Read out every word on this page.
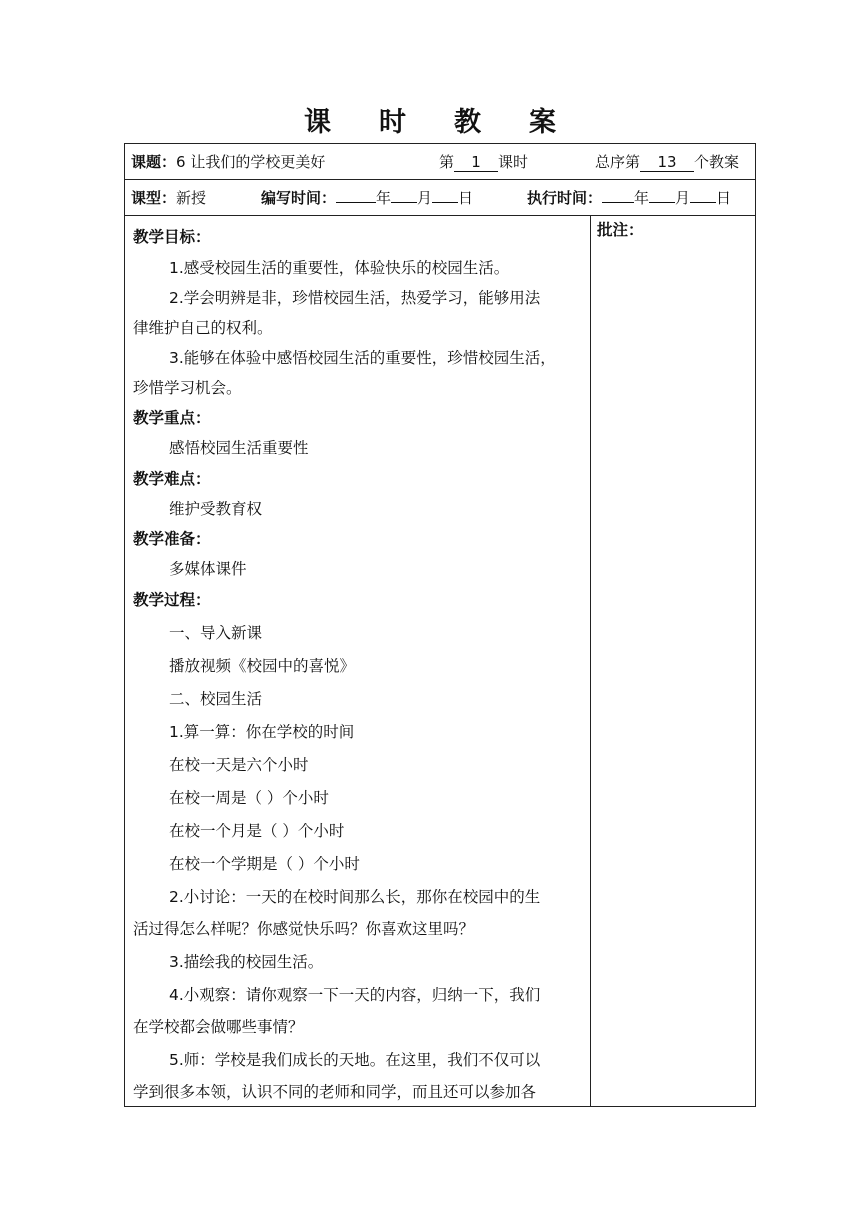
课 时 教 案
课题：6 让我们的学校更美好	第 1 课时	总序第 13 个教案
课型：新授	编写时间：	年 月 日	执行时间： 年 月 日
教学目标：
1.感受校园生活的重要性，体验快乐的校园生活。
2.学会明辨是非，珍惜校园生活，热爱学习，能够用法
律维护自己的权利。
3.能够在体验中感悟校园生活的重要性，珍惜校园生活，
珍惜学习机会。
教学重点：
感悟校园生活重要性
教学难点：
维护受教育权
教学准备：
多媒体课件
教学过程：
一、导入新课
播放视频《校园中的喜悦》
二、校园生活
1.算一算：你在学校的时间
在校一天是六个小时
在校一周是（ ）个小时
在校一个月是（ ）个小时
在校一个学期是（ ）个小时
2.小讨论：一天的在校时间那么长，那你在校园中的生
活过得怎么样呢？你感觉快乐吗？你喜欢这里吗？
3.描绘我的校园生活。
4.小观察：请你观察一下一天的内容，归纳一下，我们
在学校都会做哪些事情？
5.师：学校是我们成长的天地。在这里，我们不仅可以
学到很多本领，认识不同的老师和同学，而且还可以参加各
批注：
